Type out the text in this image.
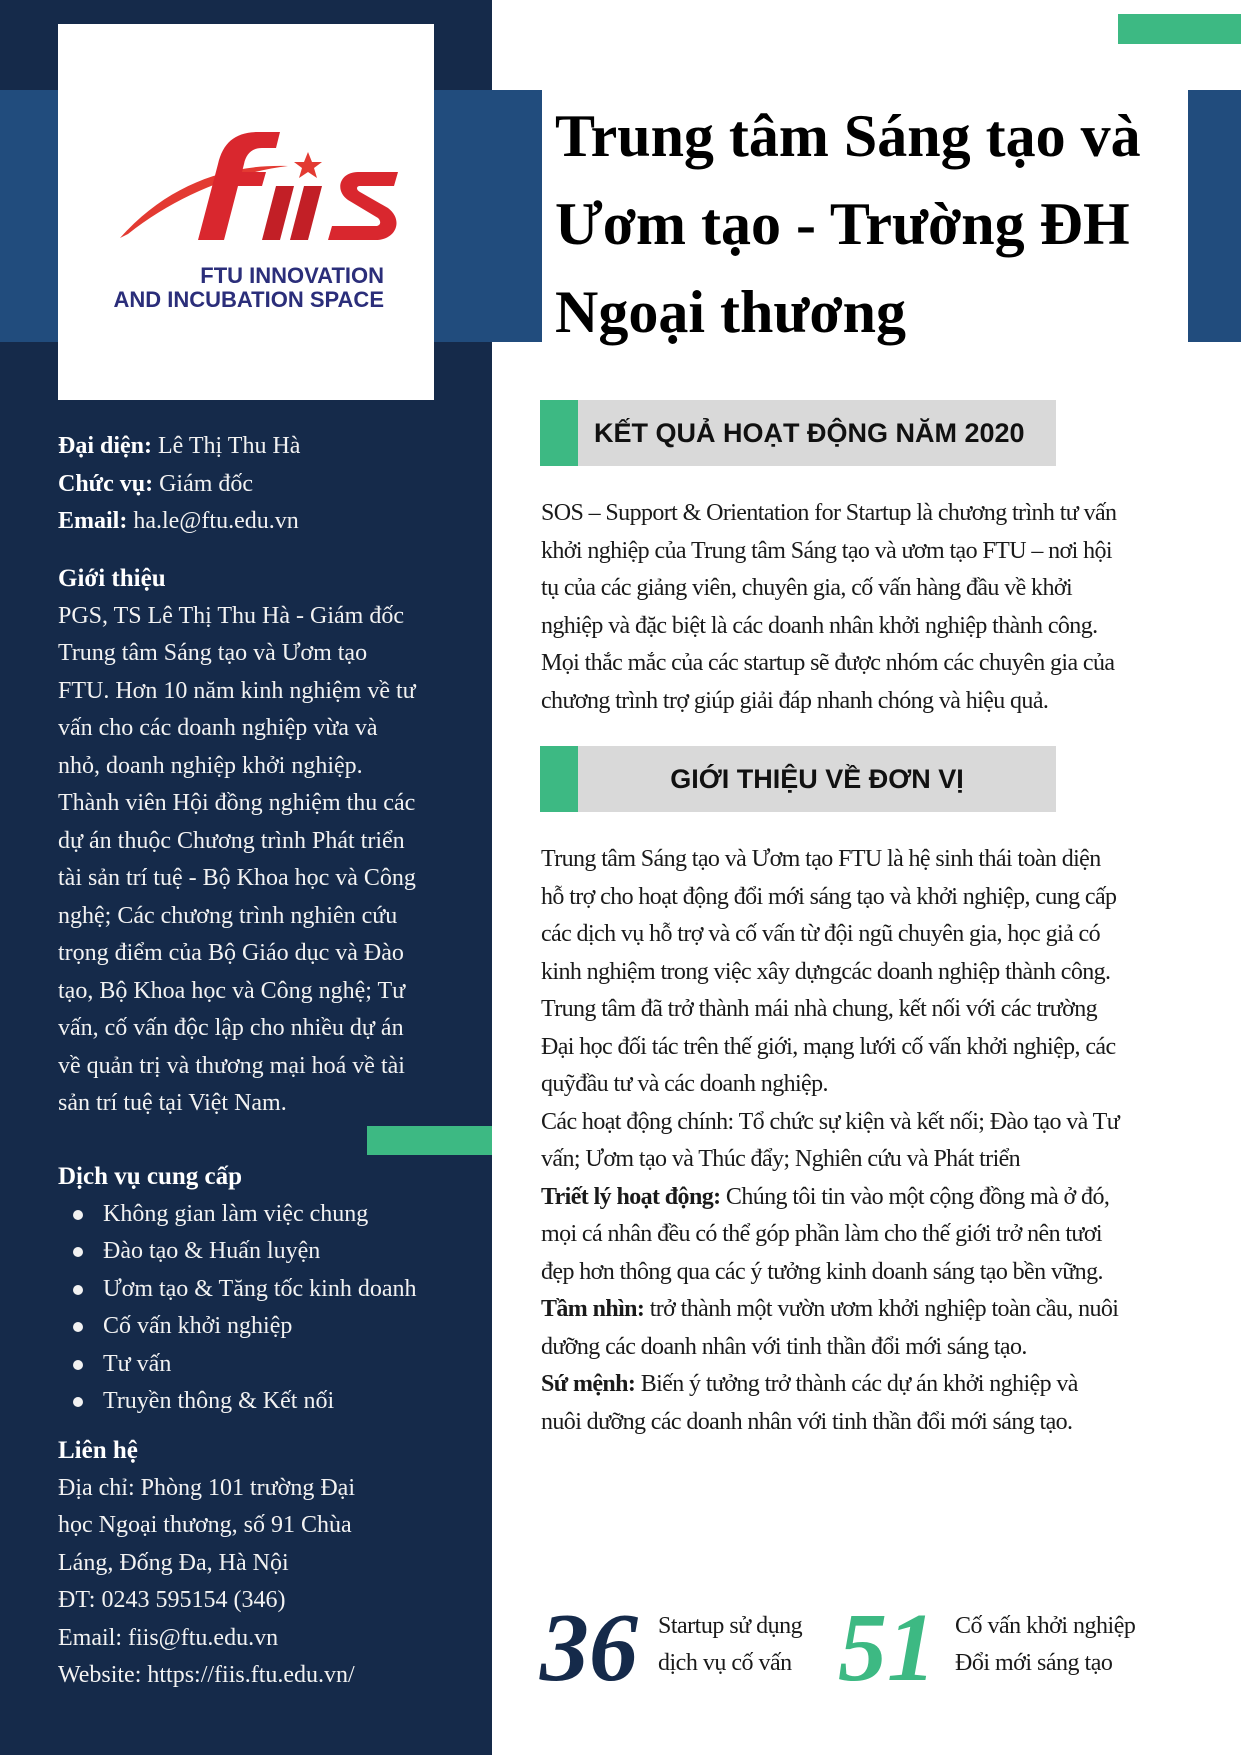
FTU INNOVATION
AND INCUBATION SPACE
Trung tâm Sáng tạo và
Ươm tạo - Trường ĐH
Ngoại thương
Đại diện: Lê Thị Thu Hà
Chức vụ: Giám đốc
Email: ha.le@ftu.edu.vn
Giới thiệu
PGS, TS Lê Thị Thu Hà - Giám đốc
Trung tâm Sáng tạo và Ươm tạo
FTU. Hơn 10 năm kinh nghiệm về tư
vấn cho các doanh nghiệp vừa và
nhỏ, doanh nghiệp khởi nghiệp.
Thành viên Hội đồng nghiệm thu các
dự án thuộc Chương trình Phát triển
tài sản trí tuệ - Bộ Khoa học và Công
nghệ; Các chương trình nghiên cứu
trọng điểm của Bộ Giáo dục và Đào
tạo, Bộ Khoa học và Công nghệ; Tư
vấn, cố vấn độc lập cho nhiều dự án
về quản trị và thương mại hoá về tài
sản trí tuệ tại Việt Nam.
Dịch vụ cung cấp
Không gian làm việc chung
Đào tạo & Huấn luyện
Ươm tạo & Tăng tốc kinh doanh
Cố vấn khởi nghiệp
Tư vấn
Truyền thông & Kết nối
Liên hệ
Địa chỉ: Phòng 101 trường Đại
học Ngoại thương, số 91 Chùa
Láng, Đống Đa, Hà Nội
ĐT: 0243 595154 (346)
Email: fiis@ftu.edu.vn
Website: https://fiis.ftu.edu.vn/
KẾT QUẢ HOẠT ĐỘNG NĂM 2020
SOS – Support & Orientation for Startup là chương trình tư vấn
khởi nghiệp của Trung tâm Sáng tạo và ươm tạo FTU – nơi hội
tụ của các giảng viên, chuyên gia, cố vấn hàng đầu về khởi
nghiệp và đặc biệt là các doanh nhân khởi nghiệp thành công.
Mọi thắc mắc của các startup sẽ được nhóm các chuyên gia của
chương trình trợ giúp giải đáp nhanh chóng và hiệu quả.
GIỚI THIỆU VỀ ĐƠN VỊ
Trung tâm Sáng tạo và Ươm tạo FTU là hệ sinh thái toàn diện
hỗ trợ cho hoạt động đổi mới sáng tạo và khởi nghiệp, cung cấp
các dịch vụ hỗ trợ và cố vấn từ đội ngũ chuyên gia, học giả có
kinh nghiệm trong việc xây dựngcác doanh nghiệp thành công.
Trung tâm đã trở thành mái nhà chung, kết nối với các trường
Đại học đối tác trên thế giới, mạng lưới cố vấn khởi nghiệp, các
quỹđầu tư và các doanh nghiệp.
Các hoạt động chính: Tổ chức sự kiện và kết nối; Đào tạo và Tư
vấn; Ươm tạo và Thúc đẩy; Nghiên cứu và Phát triển
Triết lý hoạt động: Chúng tôi tin vào một cộng đồng mà ở đó,
mọi cá nhân đều có thể góp phần làm cho thế giới trở nên tươi
đẹp hơn thông qua các ý tưởng kinh doanh sáng tạo bền vững.
Tầm nhìn: trở thành một vườn ươm khởi nghiệp toàn cầu, nuôi
dưỡng các doanh nhân với tinh thần đổi mới sáng tạo.
Sứ mệnh: Biến ý tưởng trở thành các dự án khởi nghiệp và
nuôi dưỡng các doanh nhân với tinh thần đổi mới sáng tạo.
36 Startup sử dụng
dịch vụ cố vấn 51 Cố vấn khởi nghiệp
Đổi mới sáng tạo
